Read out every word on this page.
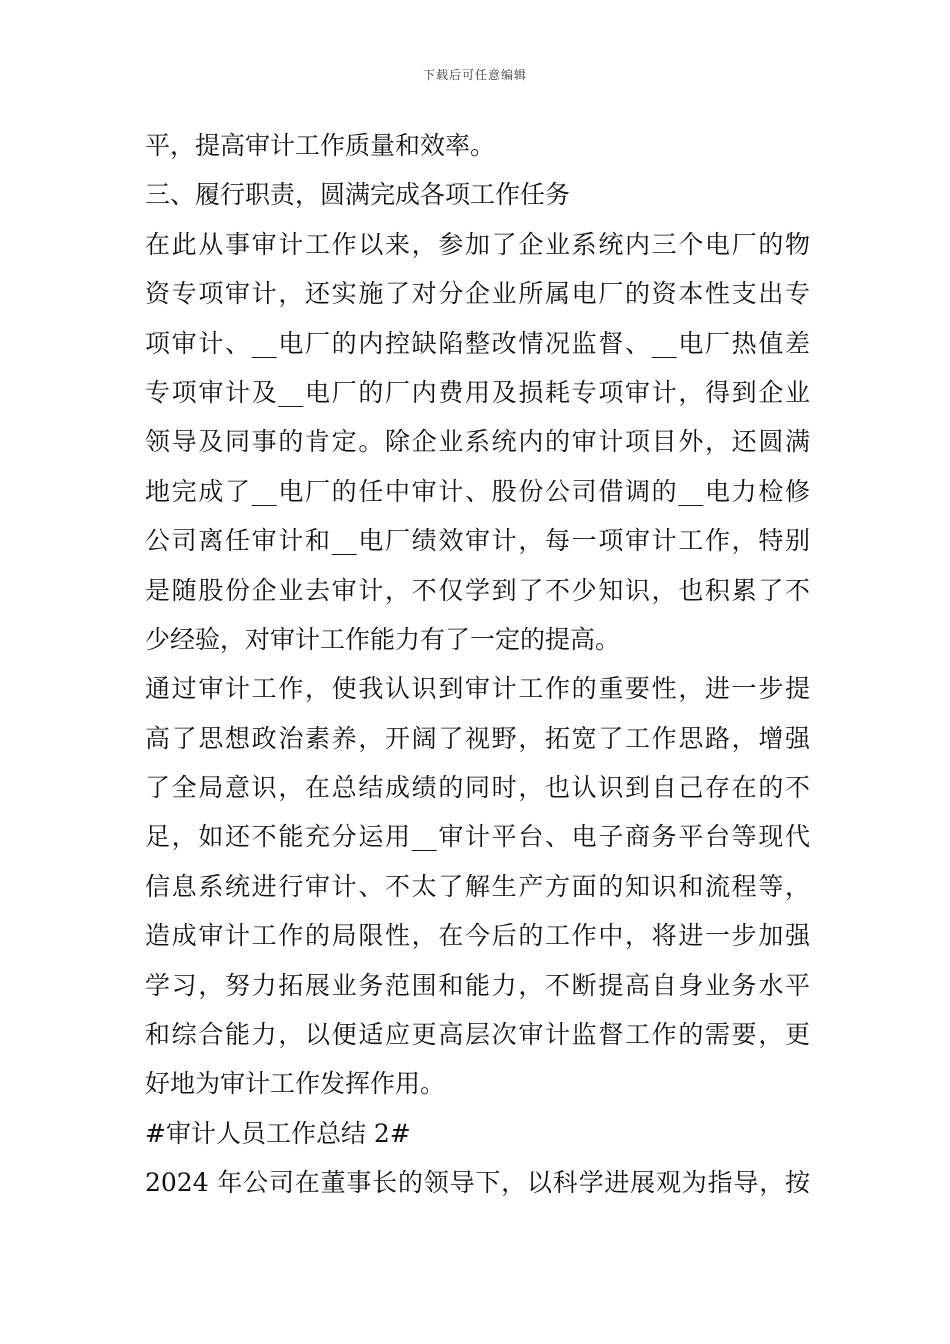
下载后可任意编辑
平，提高审计工作质量和效率。
三、履行职责，圆满完成各项工作任务
在此从事审计工作以来，参加了企业系统内三个电厂的物
资专项审计，还实施了对分企业所属电厂的资本性支出专
项审计、__电厂的内控缺陷整改情况监督、__电厂热值差
专项审计及__电厂的厂内费用及损耗专项审计，得到企业
领导及同事的肯定。除企业系统内的审计项目外，还圆满
地完成了__电厂的任中审计、股份公司借调的__电力检修
公司离任审计和__电厂绩效审计，每一项审计工作，特别
是随股份企业去审计，不仅学到了不少知识，也积累了不
少经验，对审计工作能力有了一定的提高。
通过审计工作，使我认识到审计工作的重要性，进一步提
高了思想政治素养，开阔了视野，拓宽了工作思路，增强
了全局意识，在总结成绩的同时，也认识到自己存在的不
足，如还不能充分运用__审计平台、电子商务平台等现代
信息系统进行审计、不太了解生产方面的知识和流程等，
造成审计工作的局限性，在今后的工作中，将进一步加强
学习，努力拓展业务范围和能力，不断提高自身业务水平
和综合能力，以便适应更高层次审计监督工作的需要，更
好地为审计工作发挥作用。
#审计人员工作总结 2#
2024 年公司在董事长的领导下，以科学进展观为指导，按
